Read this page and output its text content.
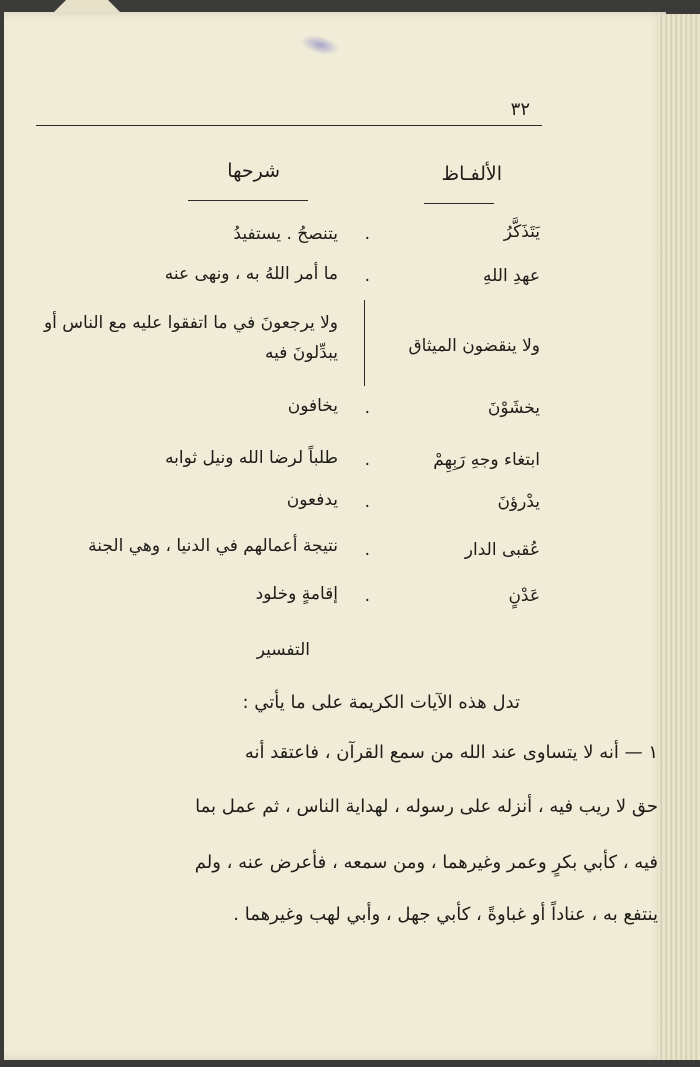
٣٢
الألفـاظ
شرحها
يَتَذَكَّرُ
.
يتنصحُ . يستفيدُ
عهدِ اللهِ
.
ما أمر اللهُ به ، ونهى عنه
ولا ينقضون الميثاق
ولا يرجعونَ في ما اتفقوا عليه مع الناس أو يبدِّلونَ فيه
يخشَوْنَ
.
يخافون
ابتغاء وجهِ رَبِهِمْ
.
طلباً لرضا الله ونيل ثوابه
يدْرؤنَ
.
يدفعون
عُقبى الدار
.
نتيجة أعمالهم في الدنيا ، وهي الجنة
عَدْنٍ
.
إقامةٍ وخلود
التفسير
تدل هذه الآيات الكريمة على ما يأتي :
١ — أنه لا يتساوى عند الله من سمع القرآن ، فاعتقد أنه
حق لا ريب فيه ، أنزله على رسوله ، لهداية الناس ، ثم عمل بما
فيه ، كأبي بكرٍ وعمر وغيرهما ، ومن سمعه ، فأعرض عنه ، ولم
ينتفع به ، عناداً أو غباوةً ، كأبي جهل ، وأبي لهب وغيرهما .
